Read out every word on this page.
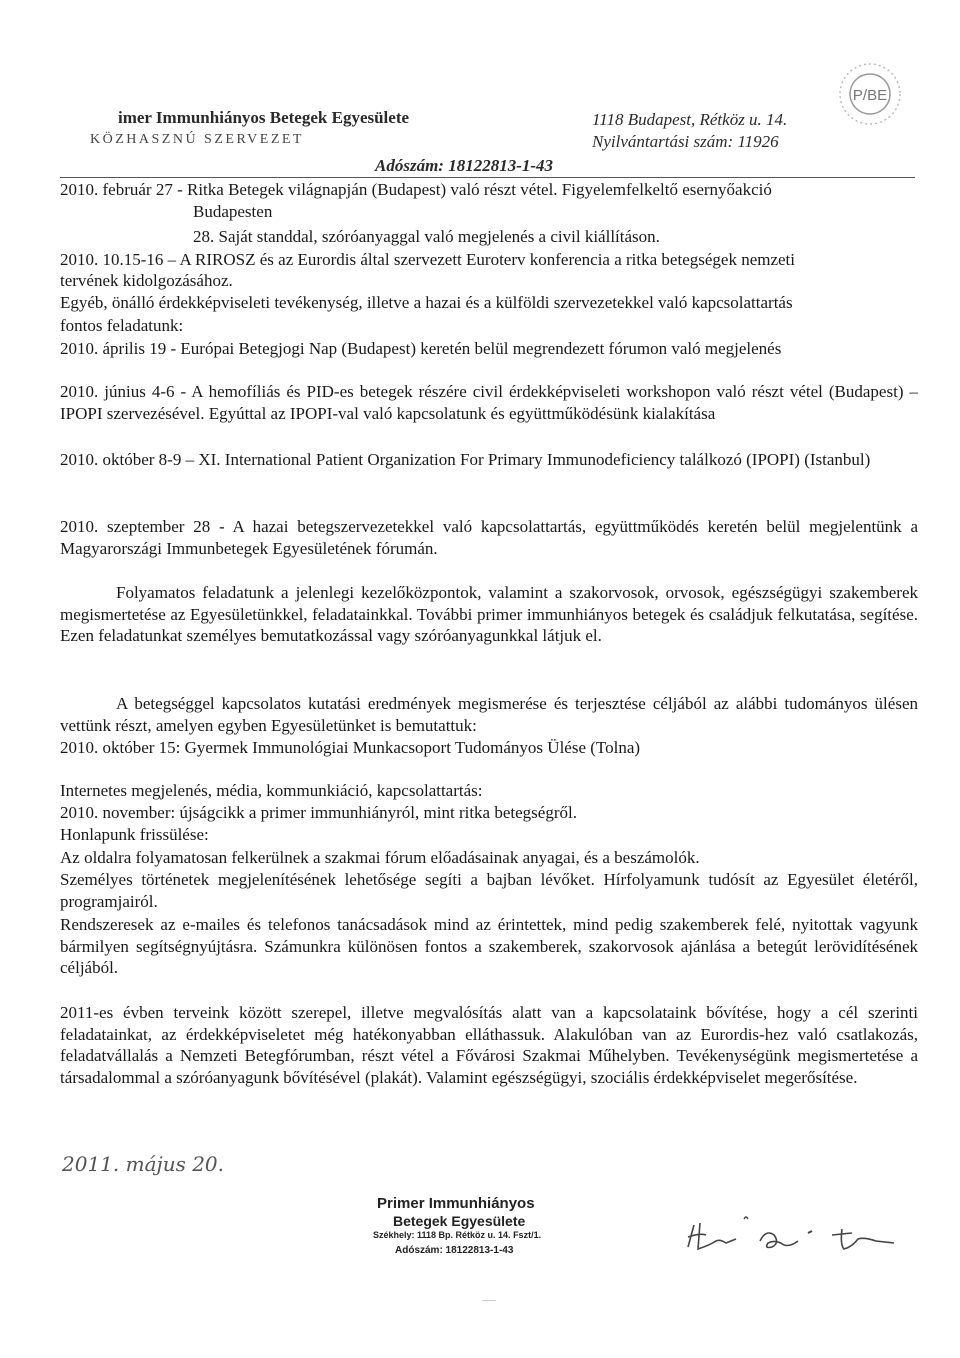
P/BE
imer Immunhiányos Betegek Egyesülete
KÖZHASZNÚ SZERVEZET
1118 Budapest, Rétköz u. 14.
Nyilvántartási szám: 11926
Adószám: 18122813-1-43
2010. február 27 - Ritka Betegek világnapján (Budapest) való részt vétel. Figyelemfelkeltő esernyőakció
Budapesten
28. Saját standdal, szóróanyaggal való megjelenés a civil kiállításon.
2010. 10.15-16 – A RIROSZ és az Eurordis által szervezett Euroterv konferencia a ritka betegségek nemzeti
tervének kidolgozásához.
Egyéb, önálló érdekképviseleti tevékenység, illetve a hazai és a külföldi szervezetekkel való kapcsolattartás
fontos feladatunk:
2010. április 19 - Európai Betegjogi Nap (Budapest) keretén belül megrendezett fórumon való megjelenés
2010. június 4-6 - A hemofíliás és PID-es betegek részére civil érdekképviseleti workshopon való részt vétel (Budapest) – IPOPI szervezésével. Egyúttal az IPOPI-val való kapcsolatunk és együttműködésünk kialakítása
2010. október 8-9 – XI. International Patient Organization For Primary Immunodeficiency találkozó (IPOPI) (Istanbul)
2010. szeptember 28 - A hazai betegszervezetekkel való kapcsolattartás, együttműködés keretén belül megjelentünk a Magyarországi Immunbetegek Egyesületének fórumán.
Folyamatos feladatunk a jelenlegi kezelőközpontok, valamint a szakorvosok, orvosok, egészségügyi szakemberek megismertetése az Egyesületünkkel, feladatainkkal. További primer immunhiányos betegek és családjuk felkutatása, segítése. Ezen feladatunkat személyes bemutatkozással vagy szóróanyagunkkal látjuk el.
A betegséggel kapcsolatos kutatási eredmények megismerése és terjesztése céljából az alábbi tudományos ülésen vettünk részt, amelyen egyben Egyesületünket is bemutattuk:
2010. október 15: Gyermek Immunológiai Munkacsoport Tudományos Ülése (Tolna)
Internetes megjelenés, média, kommunkiáció, kapcsolattartás:
2010. november: újságcikk a primer immunhiányról, mint ritka betegségről.
Honlapunk frissülése:
Az oldalra folyamatosan felkerülnek a szakmai fórum előadásainak anyagai, és a beszámolók.
Személyes történetek megjelenítésének lehetősége segíti a bajban lévőket. Hírfolyamunk tudósít az Egyesület életéről, programjairól.
Rendszeresek az e-mailes és telefonos tanácsadások mind az érintettek, mind pedig szakemberek felé, nyitottak vagyunk bármilyen segítségnyújtásra. Számunkra különösen fontos a szakemberek, szakorvosok ajánlása a betegút lerövidítésének céljából.
2011-es évben terveink között szerepel, illetve megvalósítás alatt van a kapcsolataink bővítése, hogy a cél szerinti feladatainkat, az érdekképviseletet még hatékonyabban elláthassuk. Alakulóban van az Eurordis-hez való csatlakozás, feladatvállalás a Nemzeti Betegfórumban, részt vétel a Fővárosi Szakmai Műhelyben. Tevékenységünk megismertetése a társadalommal a szóróanyagunk bővítésével (plakát). Valamint egészségügyi, szociális érdekképviselet megerősítése.
2011. május 20.
Primer Immunhiányos
Betegek Egyesülete
Székhely: 1118 Bp. Rétköz u. 14. Fszt/1.
Adószám: 18122813-1-43
